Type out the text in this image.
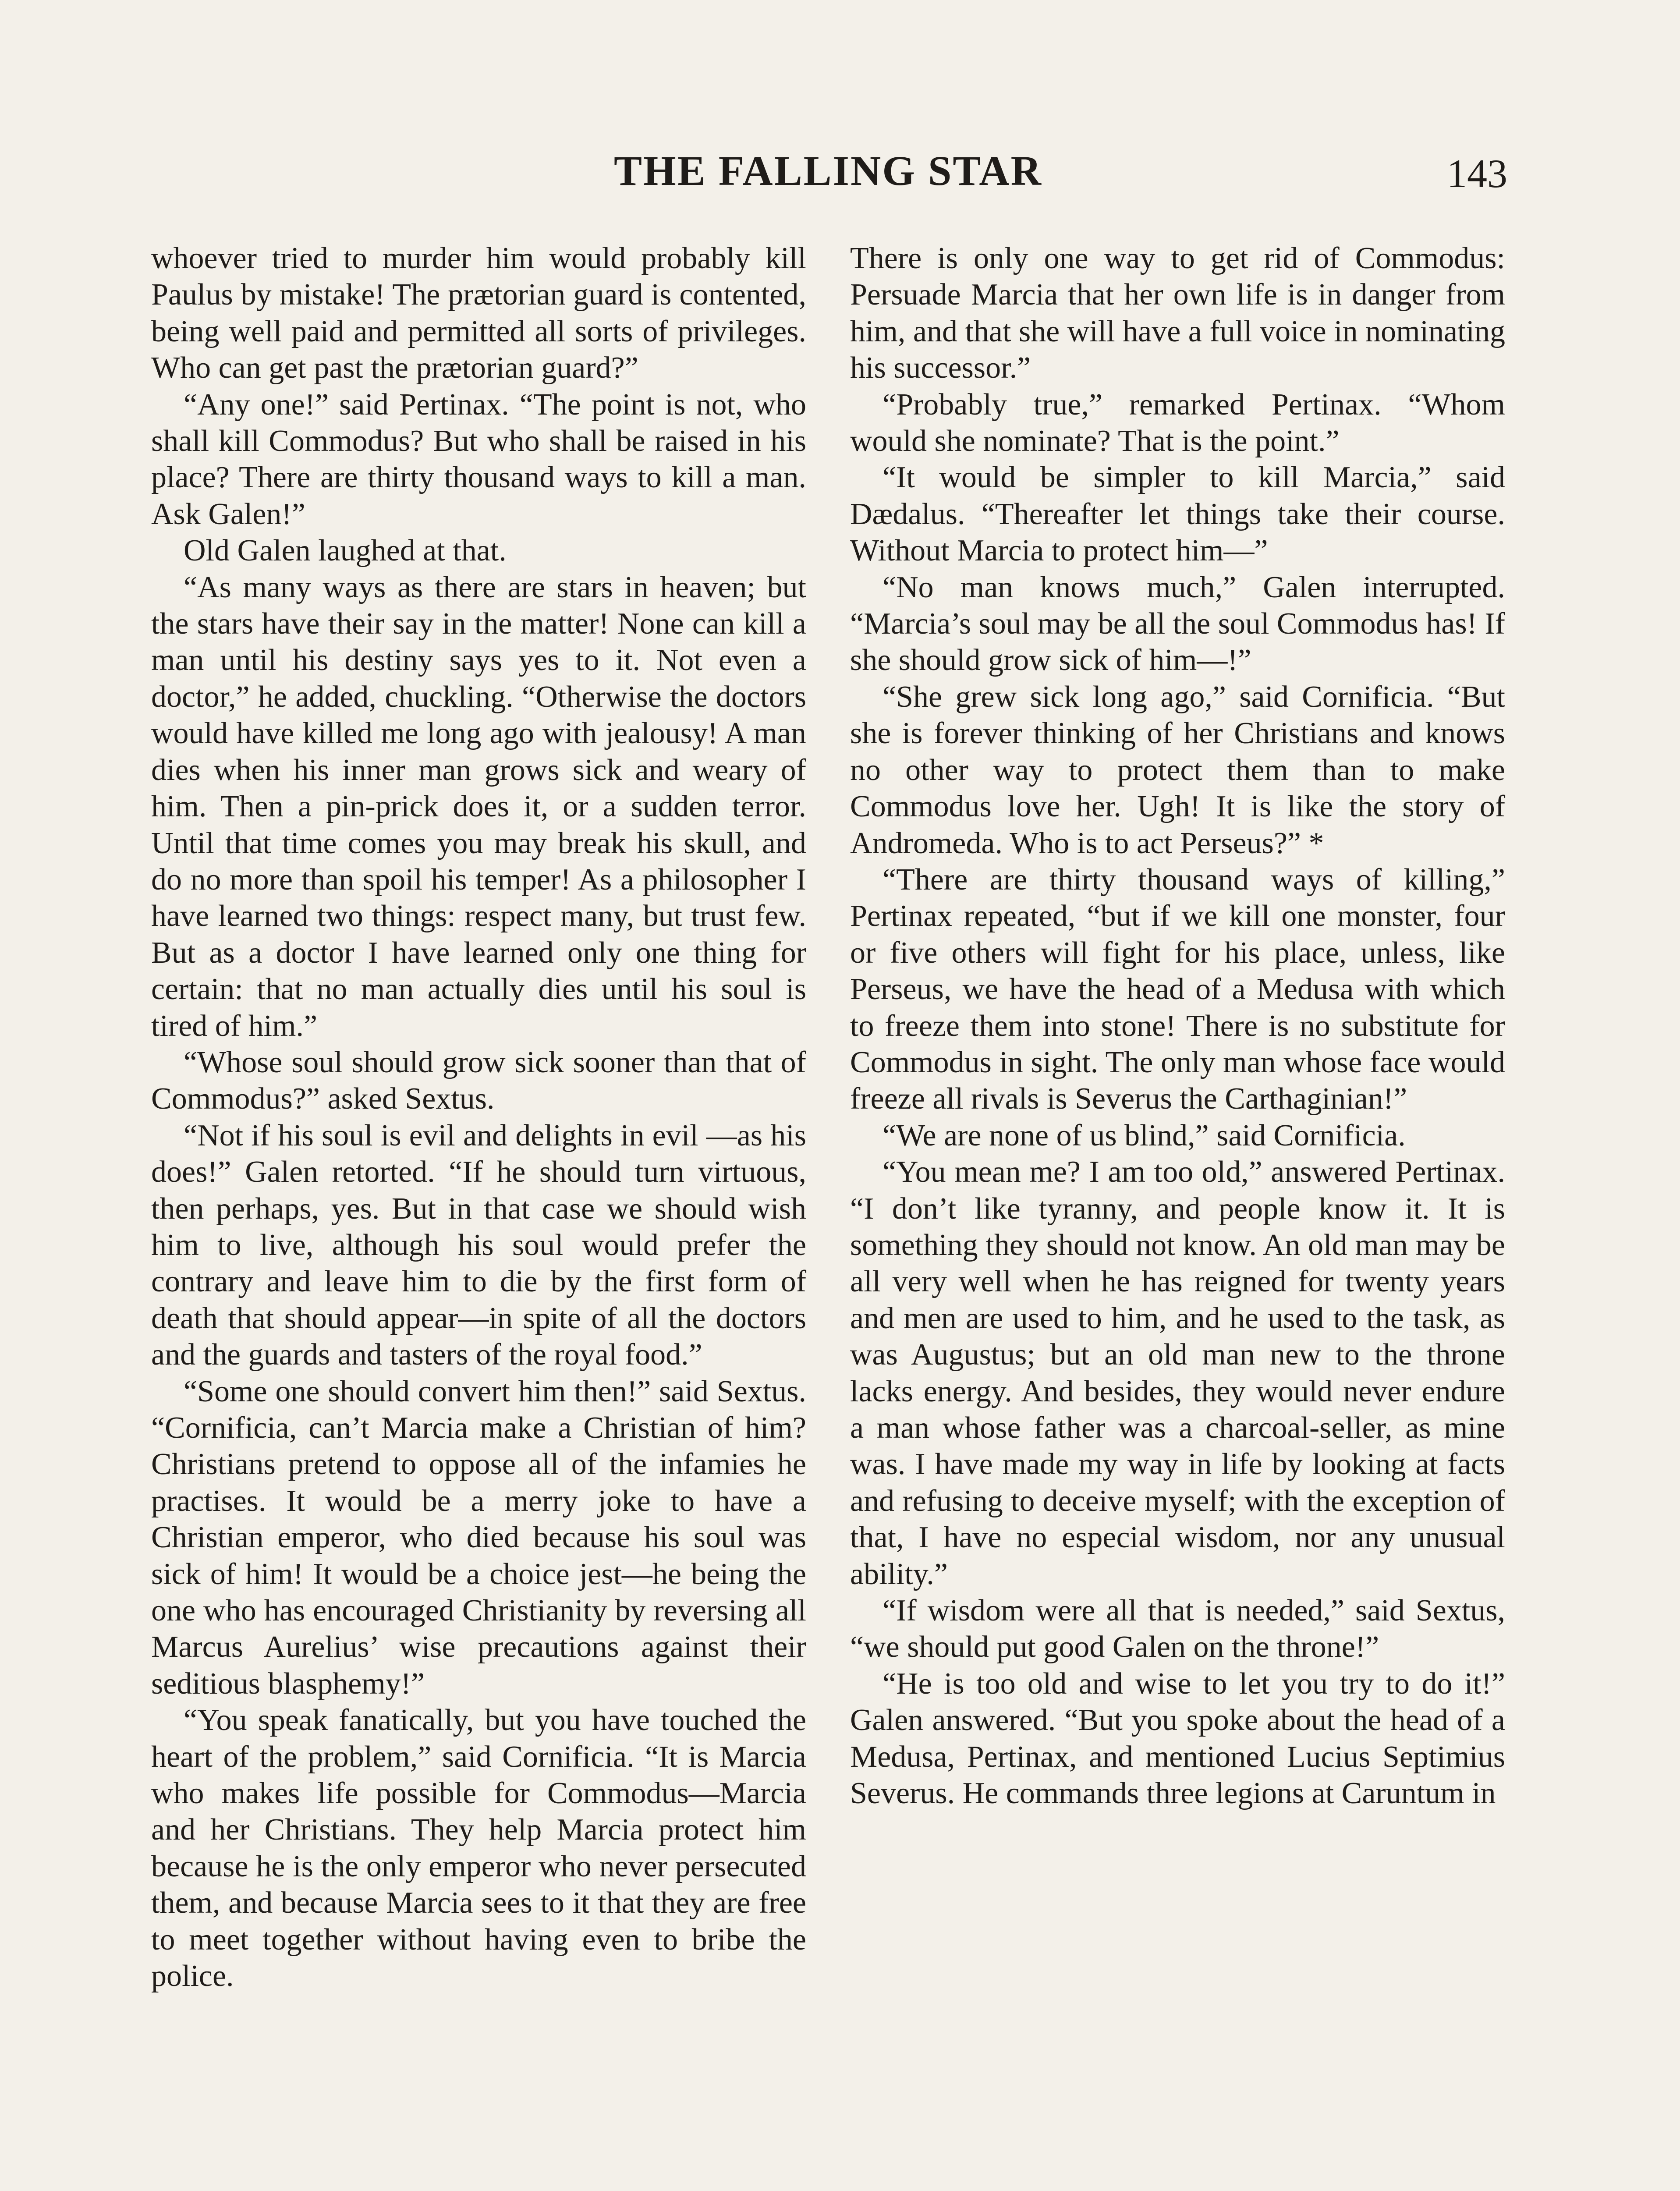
THE FALLING STAR	143

whoever tried to murder him would probably kill Paulus by mistake! The prætorian guard is contented, being well paid and permitted all sorts of privileges. Who can get past the prætorian guard?”

“Any one!” said Pertinax. “The point is not, who shall kill Commodus? But who shall be raised in his place? There are thirty thousand ways to kill a man. Ask Galen!”

Old Galen laughed at that.

“As many ways as there are stars in heaven; but the stars have their say in the matter! None can kill a man until his destiny says yes to it. Not even a doctor,” he added, chuckling. “Otherwise the doctors would have killed me long ago with jealousy! A man dies when his inner man grows sick and weary of him. Then a pin-prick does it, or a sudden terror. Until that time comes you may break his skull, and do no more than spoil his temper! As a philosopher I have learned two things: respect many, but trust few. But as a doctor I have learned only one thing for certain: that no man actually dies until his soul is tired of him.”

“Whose soul should grow sick sooner than that of Commodus?” asked Sextus.

“Not if his soul is evil and delights in evil —as his does!” Galen retorted. “If he should turn virtuous, then perhaps, yes. But in that case we should wish him to live, although his soul would prefer the contrary and leave him to die by the first form of death that should appear—in spite of all the doctors and the guards and tasters of the royal food.”

“Some one should convert him then!” said Sextus. “Cornificia, can’t Marcia make a Christian of him? Christians pretend to oppose all of the infamies he practises. It would be a merry joke to have a Christian emperor, who died because his soul was sick of him! It would be a choice jest—he being the one who has encouraged Christianity by reversing all Marcus Aurelius’ wise precautions against their seditious blasphemy!”

“You speak fanatically, but you have touched the heart of the problem,” said Cornificia. “It is Marcia who makes life possible for Commodus—Marcia and her Christians. They help Marcia protect him because he is the only emperor who never persecuted them, and because Marcia sees to it that they are free to meet together without having even to bribe the police.

There is only one way to get rid of Commodus: Persuade Marcia that her own life is in danger from him, and that she will have a full voice in nominating his successor.”

“Probably true,” remarked Pertinax. “Whom would she nominate? That is the point.”

“It would be simpler to kill Marcia,” said Dædalus. “Thereafter let things take their course. Without Marcia to protect him—”

“No man knows much,” Galen interrupted. “Marcia’s soul may be all the soul Commodus has! If she should grow sick of him—!”

“She grew sick long ago,” said Cornificia. “But she is forever thinking of her Christians and knows no other way to protect them than to make Commodus love her. Ugh! It is like the story of Andromeda. Who is to act Perseus?” *

“There are thirty thousand ways of killing,” Pertinax repeated, “but if we kill one monster, four or five others will fight for his place, unless, like Perseus, we have the head of a Medusa with which to freeze them into stone! There is no substitute for Commodus in sight. The only man whose face would freeze all rivals is Severus the Carthaginian!”

“We are none of us blind,” said Cornificia.

“You mean me? I am too old,” answered Pertinax. “I don’t like tyranny, and people know it. It is something they should not know. An old man may be all very well when he has reigned for twenty years and men are used to him, and he used to the task, as was Augustus; but an old man new to the throne lacks energy. And besides, they would never endure a man whose father was a charcoal-seller, as mine was. I have made my way in life by looking at facts and refusing to deceive myself; with the exception of that, I have no especial wisdom, nor any unusual ability.”

“If wisdom were all that is needed,” said Sextus, “we should put good Galen on the throne!”

“He is too old and wise to let you try to do it!” Galen answered. “But you spoke about the head of a Medusa, Pertinax, and mentioned Lucius Septimius Severus. He commands three legions at Caruntum in
